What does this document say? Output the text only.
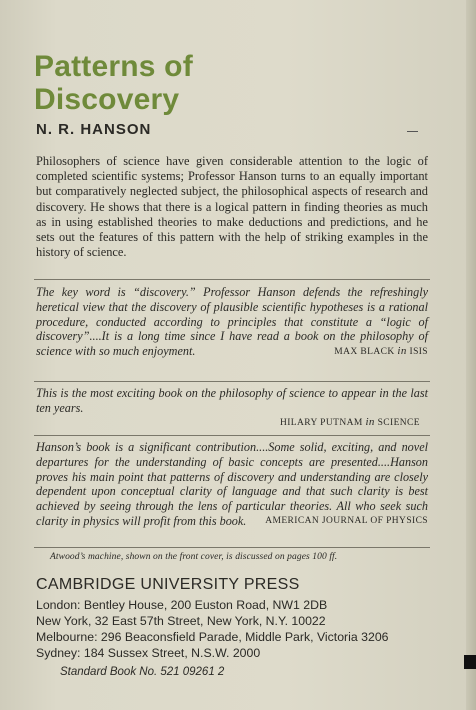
Patterns of
Discovery
N. R. HANSON

Philosophers of science have given considerable attention to the logic of completed scientific systems; Professor Hanson turns to an equally important but comparatively neglected subject, the philosophical aspects of research and discovery. He shows that there is a logical pattern in finding theories as much as in using established theories to make deductions and predictions, and he sets out the features of this pattern with the help of striking examples in the history of science.

The key word is “discovery.” Professor Hanson defends the refreshingly heretical view that the discovery of plausible scientific hypotheses is a rational procedure, conducted according to principles that constitute a “logic of discovery”....It is a long time since I have read a book on the philosophy of science with so much enjoyment.	MAX BLACK in ISIS

This is the most exciting book on the philosophy of science to appear in the last ten years.

HILARY PUTNAM in SCIENCE

Hanson’s book is a significant contribution....Some solid, exciting, and novel departures for the understanding of basic concepts are presented....Hanson proves his main point that patterns of discovery and understanding are closely dependent upon conceptual clarity of language and that such clarity is best achieved by seeing through the lens of particular theories. All who seek such clarity in physics will profit from this book. AMERICAN JOURNAL OF PHYSICS

Atwood’s machine, shown on the front cover, is discussed on pages 100 ff.
CAMBRIDGE UNIVERSITY PRESS
London: Bentley House, 200 Euston Road, NW1 2DB
New York, 32 East 57th Street, New York, N.Y. 10022
Melbourne: 296 Beaconsfield Parade, Middle Park, Victoria 3206
Sydney: 184 Sussex Street, N.S.W. 2000
Standard Book No. 521 09261 2
